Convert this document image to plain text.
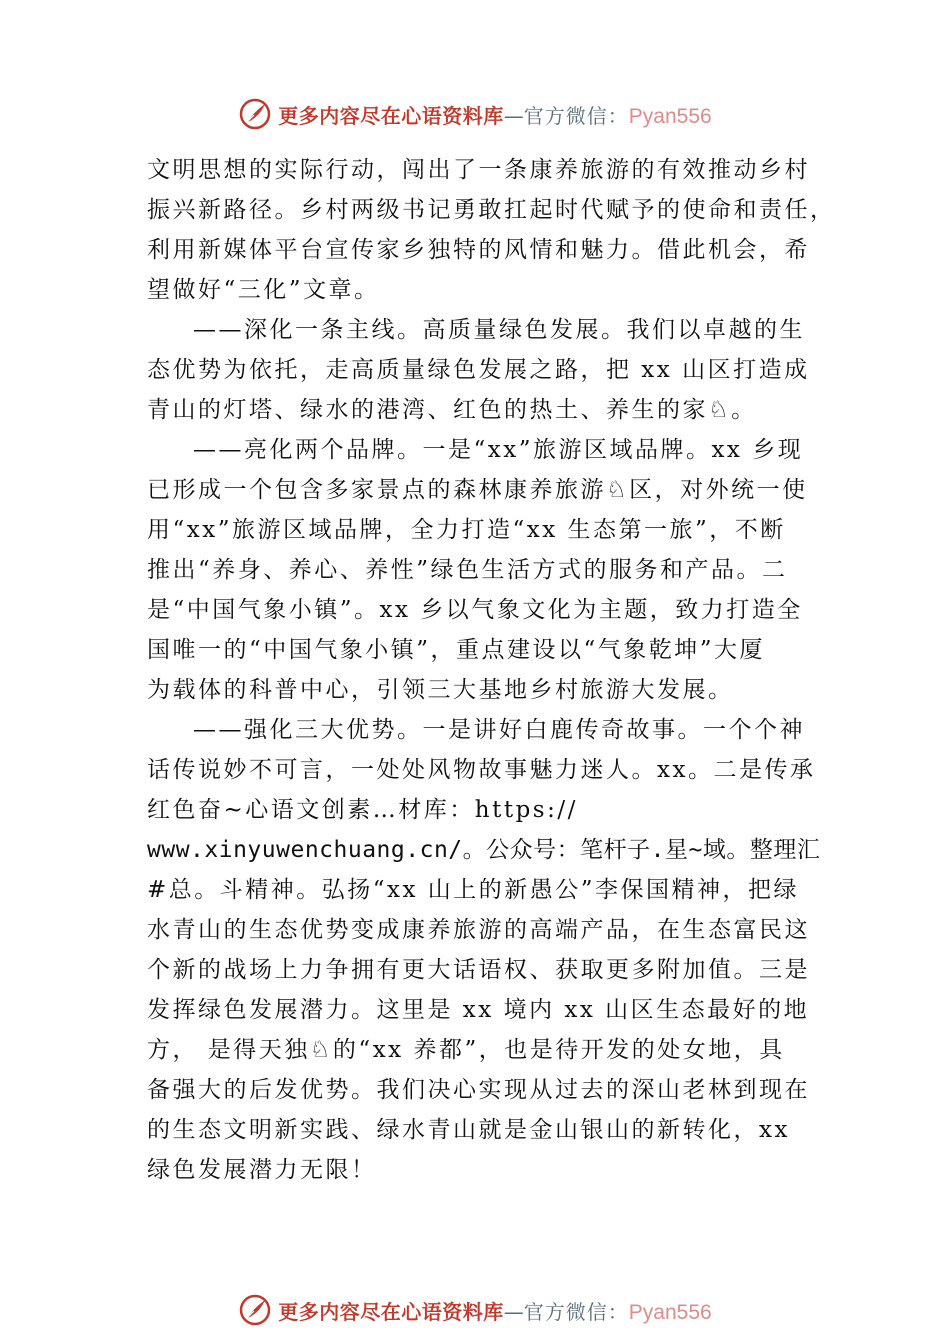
更多内容尽在心语资料库 — 官方微信： Pyan556
文明思想的实际行动，闯出了一条康养旅游的有效推动乡村
振兴新路径。乡村两级书记勇敢扛起时代赋予的使命和责任，
利用新媒体平台宣传家乡独特的风情和魅力。借此机会，希
望做好“三化”文章。
——深化一条主线。高质量绿色发展。我们以卓越的生
态优势为依托，走高质量绿色发展之路，把 xx 山区打造成
青山的灯塔、绿水的港湾、红色的热土、养生的家♘。
——亮化两个品牌。一是“xx”旅游区域品牌。xx 乡现
已形成一个包含多家景点的森林康养旅游♘区，对外统一使
用“xx”旅游区域品牌，全力打造“xx 生态第一旅”，不断
推出“养身、养心、养性”绿色生活方式的服务和产品。二
是“中国气象小镇”。xx 乡以气象文化为主题，致力打造全
国唯一的“中国气象小镇”，重点建设以“气象乾坤”大厦
为载体的科普中心，引领三大基地乡村旅游大发展。
——强化三大优势。一是讲好白鹿传奇故事。一个个神
话传说妙不可言，一处处风物故事魅力迷人。xx。二是传承
红色奋~心语文创素…材库：https://
www.xinyuwenchuang.cn/。公众号：笔杆子.星~域。整理汇
#总。斗精神。弘扬“xx 山上的新愚公”李保国精神，把绿
水青山的生态优势变成康养旅游的高端产品，在生态富民这
个新的战场上力争拥有更大话语权、获取更多附加值。三是
发挥绿色发展潜力。这里是 xx 境内 xx 山区生态最好的地
方， 是得天独♘的“xx 养都”，也是待开发的处女地，具
备强大的后发优势。我们决心实现从过去的深山老林到现在
的生态文明新实践、绿水青山就是金山银山的新转化，xx
绿色发展潜力无限！
更多内容尽在心语资料库 — 官方微信： Pyan556
